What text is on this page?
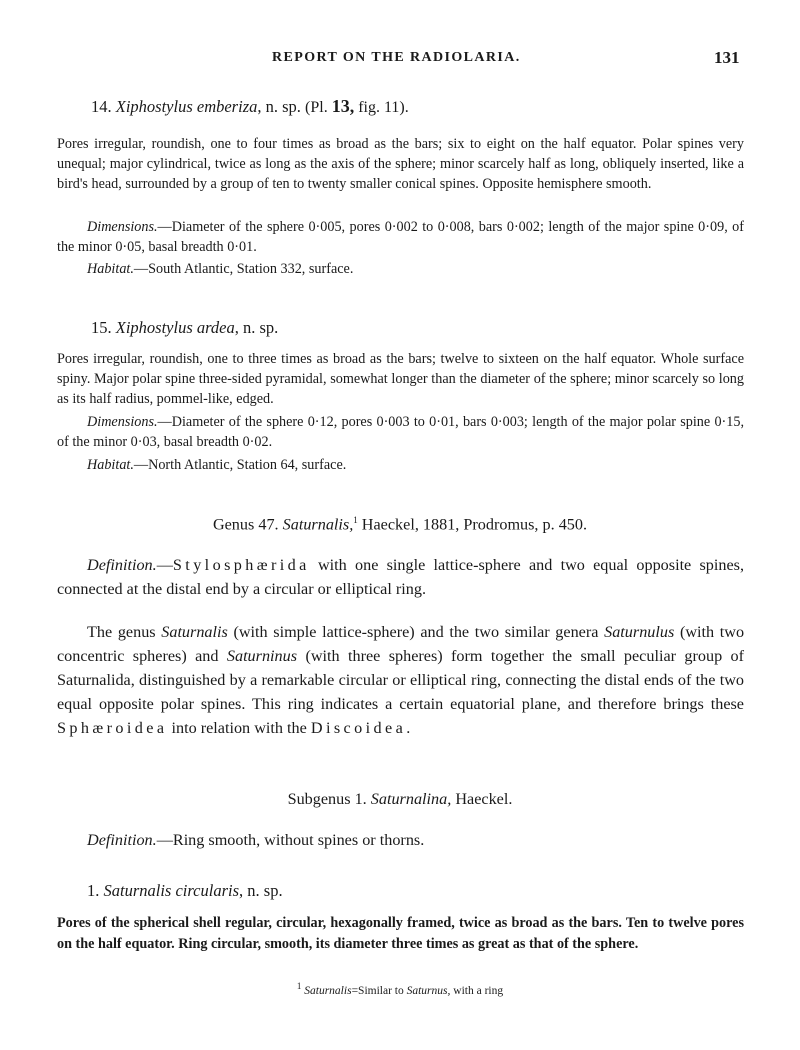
REPORT ON THE RADIOLARIA.	131
14. Xiphostylus emberiza, n. sp. (Pl. 13, fig. 11).
Pores irregular, roundish, one to four times as broad as the bars; six to eight on the half equator. Polar spines very unequal; major cylindrical, twice as long as the axis of the sphere; minor scarcely half as long, obliquely inserted, like a bird's head, surrounded by a group of ten to twenty smaller conical spines. Opposite hemisphere smooth.
Dimensions.—Diameter of the sphere 0·005, pores 0·002 to 0·008, bars 0·002; length of the major spine 0·09, of the minor 0·05, basal breadth 0·01.
Habitat.—South Atlantic, Station 332, surface.
15. Xiphostylus ardea, n. sp.
Pores irregular, roundish, one to three times as broad as the bars; twelve to sixteen on the half equator. Whole surface spiny. Major polar spine three-sided pyramidal, somewhat longer than the diameter of the sphere; minor scarcely so long as its half radius, pommel-like, edged.
Dimensions.—Diameter of the sphere 0·12, pores 0·003 to 0·01, bars 0·003; length of the major polar spine 0·15, of the minor 0·03, basal breadth 0·02.
Habitat.—North Atlantic, Station 64, surface.
Genus 47. Saturnalis,$^1$ Haeckel, 1881, Prodromus, p. 450.
Definition.—Stylosphærida with one single lattice-sphere and two equal opposite spines, connected at the distal end by a circular or elliptical ring.
The genus Saturnalis (with simple lattice-sphere) and the two similar genera Saturnulus (with two concentric spheres) and Saturninus (with three spheres) form together the small peculiar group of Saturnalida, distinguished by a remarkable circular or elliptical ring, connecting the distal ends of the two equal opposite polar spines. This ring indicates a certain equatorial plane, and therefore brings these Sphæroidea into relation with the Discoidea.
Subgenus 1. Saturnalina, Haeckel.
Definition.—Ring smooth, without spines or thorns.
1. Saturnalis circularis, n. sp.
Pores of the spherical shell regular, circular, hexagonally framed, twice as broad as the bars. Ten to twelve pores on the half equator. Ring circular, smooth, its diameter three times as great as that of the sphere.
$^1$ Saturnalis=Similar to Saturnus, with a ring
